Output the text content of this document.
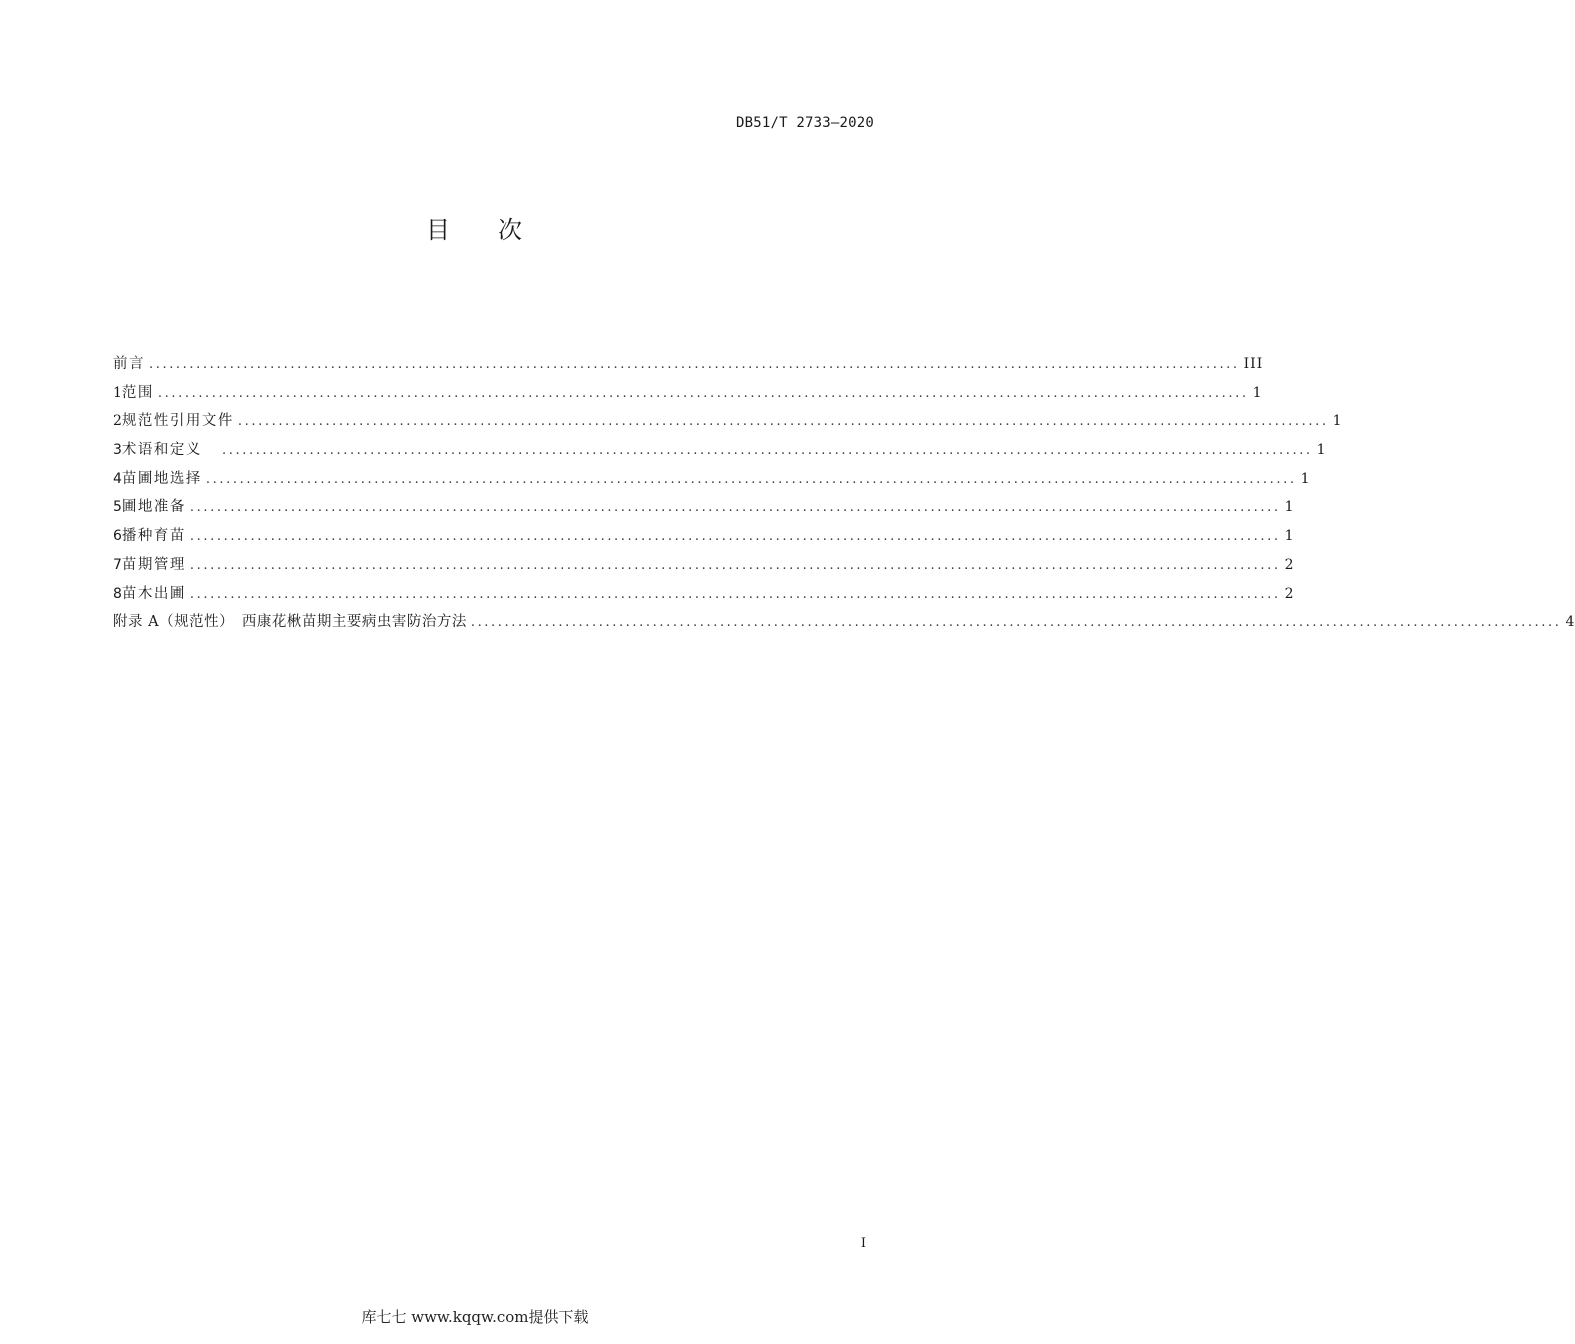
DB51/T 2733—2020
目 次
前言 .................................................................................................................................................................. III
1 范围 .................................................................................................................................................................. 1
2 规范性引用文件 .................................................................................................................................................................. 1
3 术语和定义 .................................................................................................................................................................. 1
4 苗圃地选择 .................................................................................................................................................................. 1
5 圃地准备 .................................................................................................................................................................. 1
6 播种育苗 .................................................................................................................................................................. 1
7 苗期管理 .................................................................................................................................................................. 2
8 苗木出圃 .................................................................................................................................................................. 2
附录 A（规范性）　西康花楸苗期主要病虫害防治方法 .................................................................................................................................................................. 4
I
库七七 www.kqqw.com提供下载
